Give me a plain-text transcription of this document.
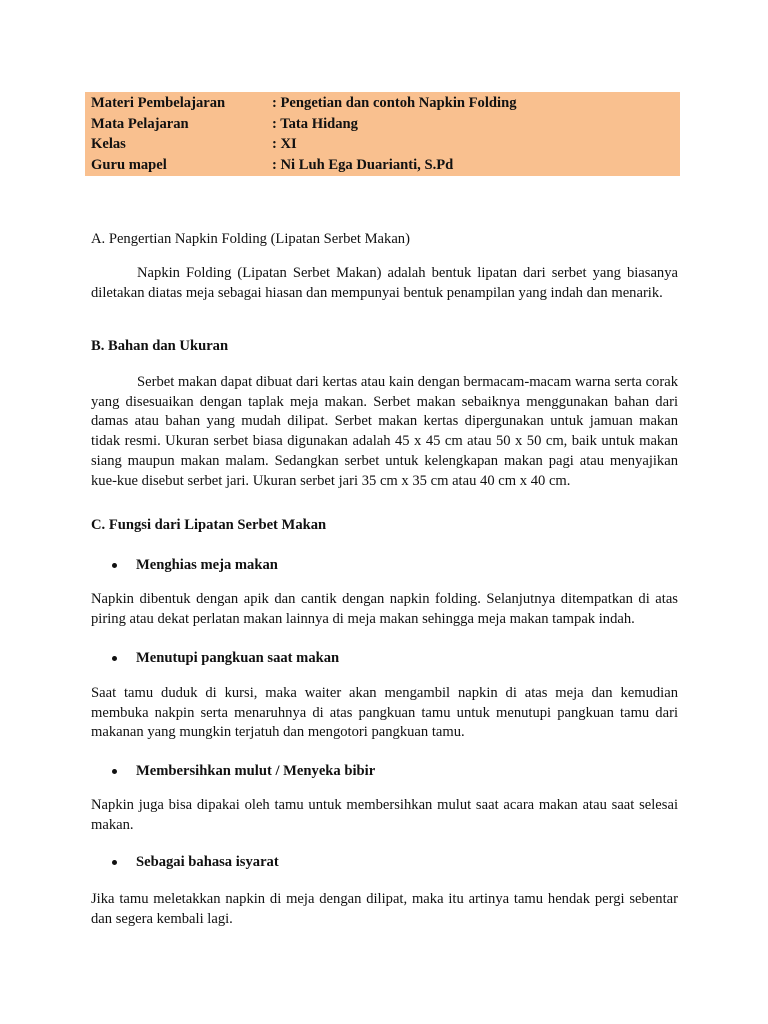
Materi Pembelajaran	: Pengetian dan contoh Napkin Folding
Mata Pelajaran	: Tata Hidang
Kelas	: XI
Guru mapel	: Ni Luh Ega Duarianti, S.Pd
A. Pengertian Napkin Folding (Lipatan Serbet Makan)
Napkin Folding (Lipatan Serbet Makan) adalah bentuk lipatan dari serbet yang biasanya diletakan diatas meja sebagai hiasan dan mempunyai bentuk penampilan yang indah dan menarik.
B. Bahan dan Ukuran
Serbet makan dapat dibuat dari kertas atau kain dengan bermacam-macam warna serta corak yang disesuaikan dengan taplak meja makan. Serbet makan sebaiknya menggunakan bahan dari damas atau bahan yang mudah dilipat. Serbet makan kertas dipergunakan untuk jamuan makan tidak resmi. Ukuran serbet biasa digunakan adalah 45 x 45 cm atau 50 x 50 cm, baik untuk makan siang maupun makan malam. Sedangkan serbet untuk kelengkapan makan pagi atau menyajikan kue-kue disebut serbet jari. Ukuran serbet jari 35 cm x 35 cm atau 40 cm x 40 cm.
C. Fungsi dari Lipatan Serbet Makan
Menghias meja makan
Napkin dibentuk dengan apik dan cantik dengan napkin folding. Selanjutnya ditempatkan di atas piring atau dekat perlatan makan lainnya di meja makan sehingga meja makan tampak indah.
Menutupi pangkuan saat makan
Saat tamu duduk di kursi, maka waiter akan mengambil napkin di atas meja dan kemudian membuka nakpin serta menaruhnya di atas pangkuan tamu untuk menutupi pangkuan tamu dari makanan yang mungkin terjatuh dan mengotori pangkuan tamu.
Membersihkan mulut / Menyeka bibir
Napkin juga bisa dipakai oleh tamu untuk membersihkan mulut saat acara makan atau saat selesai makan.
Sebagai bahasa isyarat
Jika tamu meletakkan napkin di meja dengan dilipat, maka itu artinya tamu hendak pergi sebentar dan segera kembali lagi.
